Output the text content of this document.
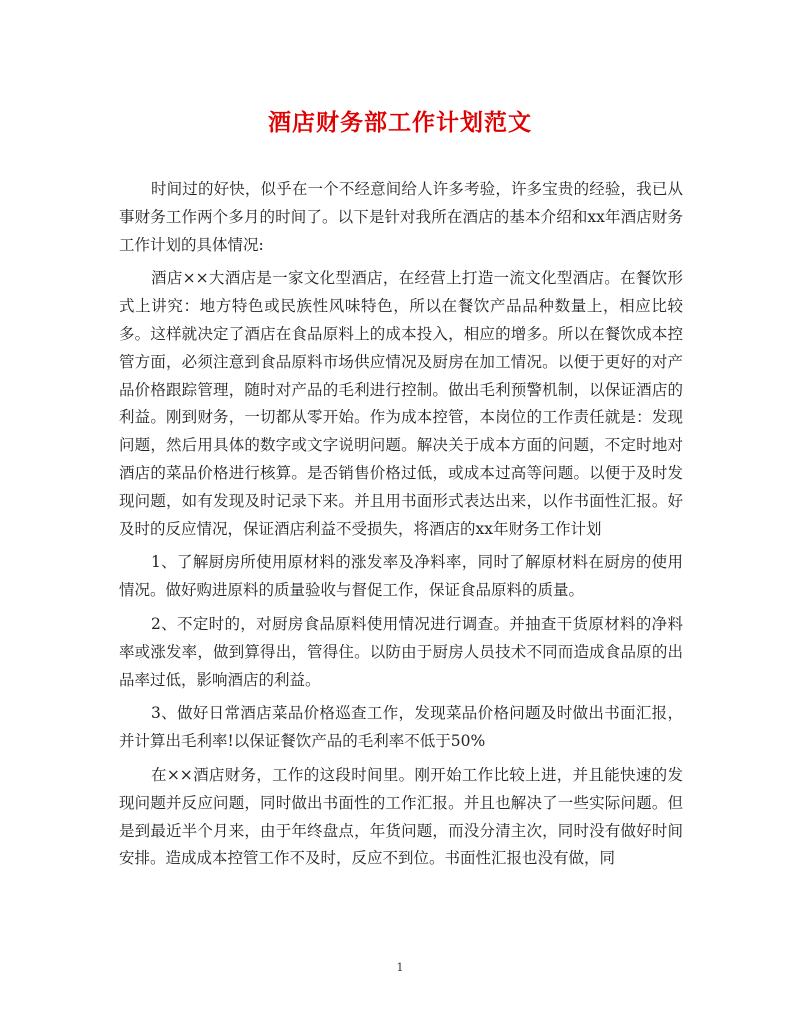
酒店财务部工作计划范文

时间过的好快，似乎在一个不经意间给人许多考验，许多宝贵的经验，我已从事财务工作两个多月的时间了。以下是针对我所在酒店的基本介绍和xx年酒店财务工作计划的具体情况:

酒店××大酒店是一家文化型酒店，在经营上打造一流文化型酒店。在餐饮形式上讲究：地方特色或民族性风味特色，所以在餐饮产品品种数量上，相应比较多。这样就决定了酒店在食品原料上的成本投入，相应的增多。所以在餐饮成本控管方面，必须注意到食品原料市场供应情况及厨房在加工情况。以便于更好的对产品价格跟踪管理，随时对产品的毛利进行控制。做出毛利预警机制，以保证酒店的利益。刚到财务，一切都从零开始。作为成本控管，本岗位的工作责任就是：发现问题，然后用具体的数字或文字说明问题。解决关于成本方面的问题，不定时地对酒店的菜品价格进行核算。是否销售价格过低，或成本过高等问题。以便于及时发现问题，如有发现及时记录下来。并且用书面形式表达出来，以作书面性汇报。好及时的反应情况，保证酒店利益不受损失，将酒店的xx年财务工作计划

1、了解厨房所使用原材料的涨发率及净料率，同时了解原材料在厨房的使用情况。做好购进原料的质量验收与督促工作，保证食品原料的质量。

2、不定时的，对厨房食品原料使用情况进行调查。并抽查干货原材料的净料率或涨发率，做到算得出，管得住。以防由于厨房人员技术不同而造成食品原的出品率过低，影响酒店的利益。

3、做好日常酒店菜品价格巡查工作，发现菜品价格问题及时做出书面汇报，并计算出毛利率!以保证餐饮产品的毛利率不低于50%

在××酒店财务，工作的这段时间里。刚开始工作比较上进，并且能快速的发现问题并反应问题，同时做出书面性的工作汇报。并且也解决了一些实际问题。但是到最近半个月来，由于年终盘点，年货问题，而没分清主次，同时没有做好时间安排。造成成本控管工作不及时，反应不到位。书面性汇报也没有做，同

1
